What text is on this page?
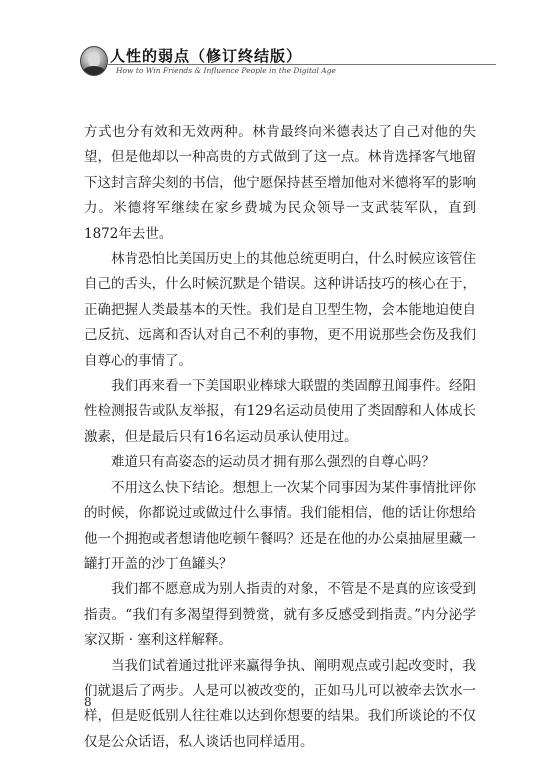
人性的弱点（修订终结版）
How to Win Friends & Influence People in the Digital Age

方式也分有效和无效两种。林肯最终向米德表达了自己对他的失望，但是他却以一种高贵的方式做到了这一点。林肯选择客气地留下这封言辞尖刻的书信，他宁愿保持甚至增加他对米德将军的影响力。米德将军继续在家乡费城为民众领导一支武装军队，直到1872年去世。

林肯恐怕比美国历史上的其他总统更明白，什么时候应该管住自己的舌头，什么时候沉默是个错误。这种讲话技巧的核心在于，正确把握人类最基本的天性。我们是自卫型生物，会本能地迫使自己反抗、远离和否认对自己不利的事物，更不用说那些会伤及我们自尊心的事情了。

我们再来看一下美国职业棒球大联盟的类固醇丑闻事件。经阳性检测报告或队友举报，有129名运动员使用了类固醇和人体成长激素，但是最后只有16名运动员承认使用过。

难道只有高姿态的运动员才拥有那么强烈的自尊心吗？

不用这么快下结论。想想上一次某个同事因为某件事情批评你的时候，你都说过或做过什么事情。我们能相信，他的话让你想给他一个拥抱或者想请他吃顿午餐吗？还是在他的办公桌抽屉里藏一罐打开盖的沙丁鱼罐头？

我们都不愿意成为别人指责的对象，不管是不是真的应该受到指责。“我们有多渴望得到赞赏，就有多反感受到指责。”内分泌学家汉斯 · 塞利这样解释。

当我们试着通过批评来赢得争执、阐明观点或引起改变时，我们就退后了两步。人是可以被改变的，正如马儿可以被牵去饮水一样，但是贬低别人往往难以达到你想要的结果。我们所谈论的不仅仅是公众话语，私人谈话也同样适用。

8
